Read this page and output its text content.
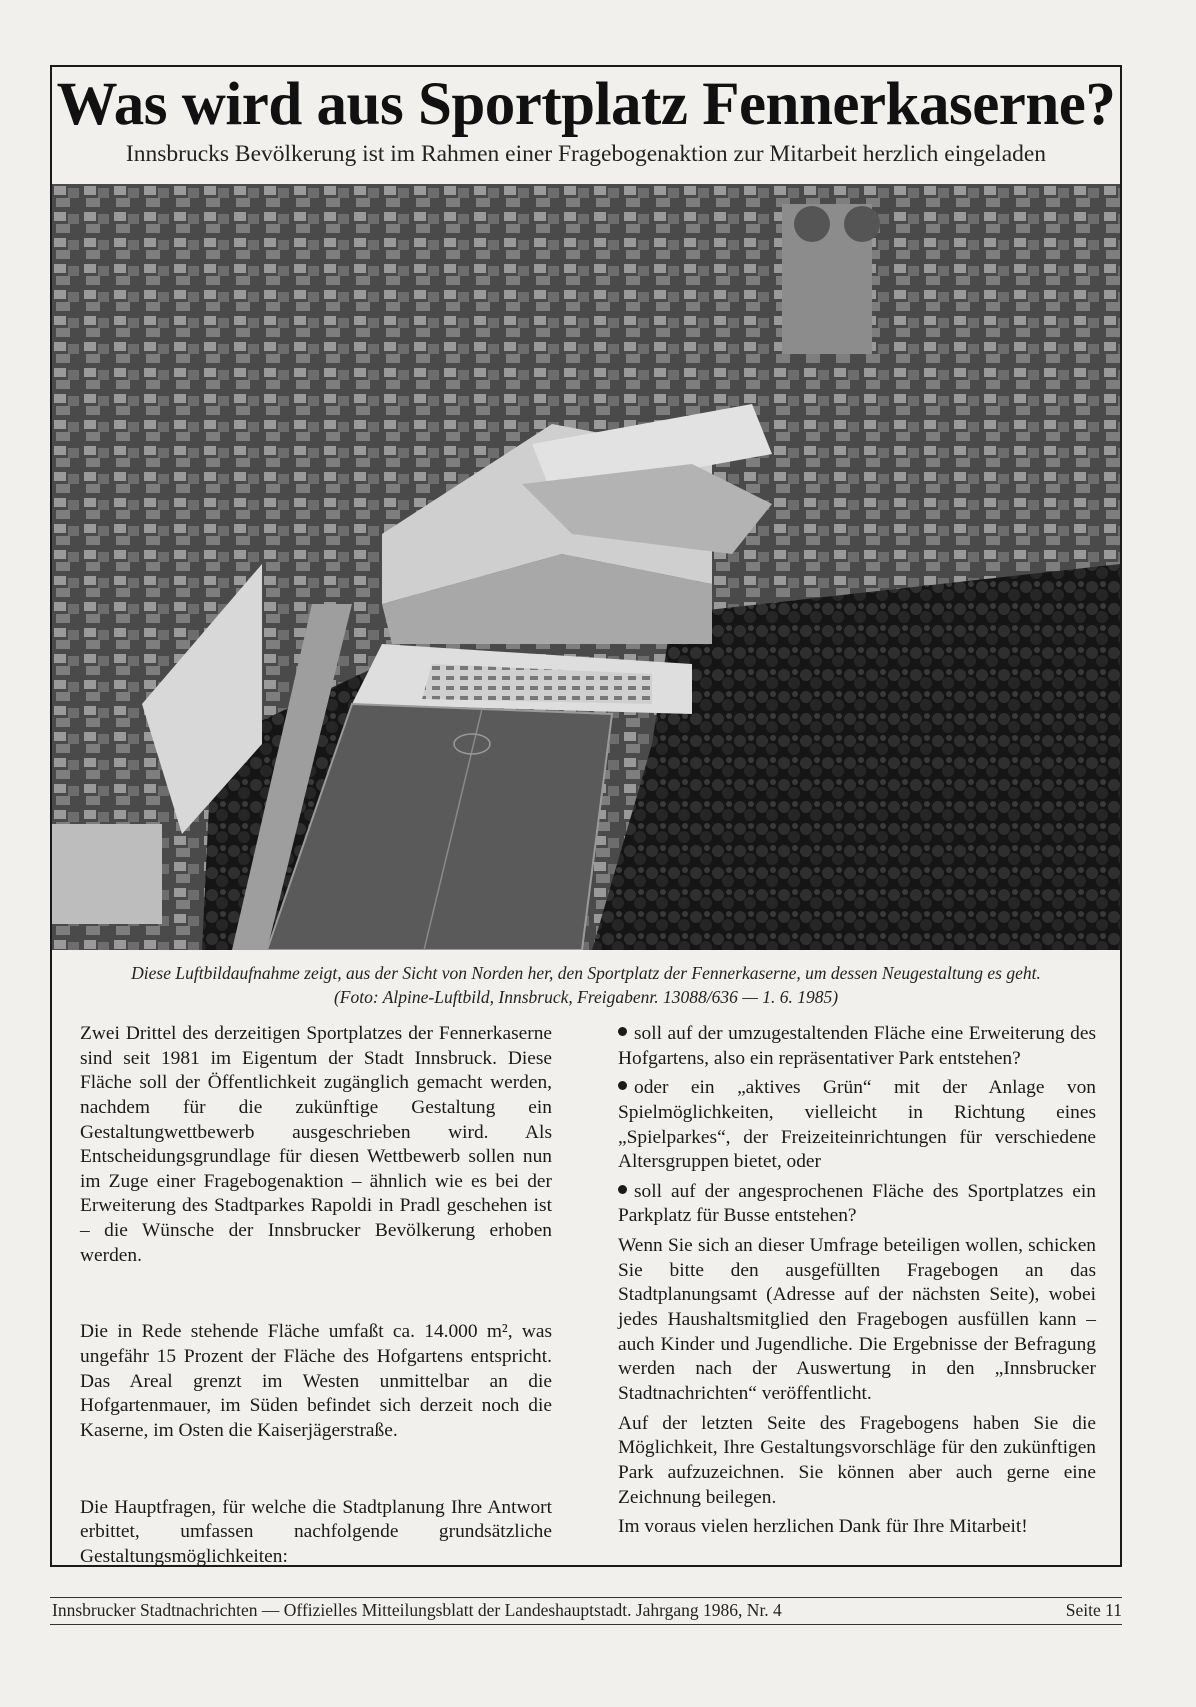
Was wird aus Sportplatz Fennerkaserne?
Innsbrucks Bevölkerung ist im Rahmen einer Fragebogenaktion zur Mitarbeit herzlich eingeladen
Diese Luftbildaufnahme zeigt, aus der Sicht von Norden her, den Sportplatz der Fennerkaserne, um dessen Neugestaltung es geht.
(Foto: Alpine-Luftbild, Innsbruck, Freigabenr. 13088/636 — 1. 6. 1985)

Zwei Drittel des derzeitigen Sportplatzes der Fennerkaserne sind seit 1981 im Eigentum der Stadt Innsbruck. Diese Fläche soll der Öffentlichkeit zugänglich gemacht werden, nachdem für die zukünftige Gestaltung ein Gestaltungwettbewerb ausgeschrieben wird. Als Entscheidungsgrundlage für diesen Wettbewerb sollen nun im Zuge einer Fragebogenaktion – ähnlich wie es bei der Erweiterung des Stadtparkes Rapoldi in Pradl geschehen ist – die Wünsche der Innsbrucker Bevölkerung erhoben werden.

Die in Rede stehende Fläche umfaßt ca. 14.000 m², was ungefähr 15 Prozent der Fläche des Hofgartens entspricht. Das Areal grenzt im Westen unmittelbar an die Hofgartenmauer, im Süden befindet sich derzeit noch die Kaserne, im Osten die Kaiserjägerstraße.

Die Hauptfragen, für welche die Stadtplanung Ihre Antwort erbittet, umfassen nachfolgende grundsätzliche Gestaltungsmöglichkeiten:

soll auf der umzugestaltenden Fläche eine Erweiterung des Hofgartens, also ein repräsentativer Park entstehen?

oder ein „aktives Grün“ mit der Anlage von Spielmöglichkeiten, vielleicht in Richtung eines „Spielparkes“, der Freizeiteinrichtungen für verschiedene Altersgruppen bietet, oder

soll auf der angesprochenen Fläche des Sportplatzes ein Parkplatz für Busse entstehen?

Wenn Sie sich an dieser Umfrage beteiligen wollen, schicken Sie bitte den ausgefüllten Fragebogen an das Stadtplanungsamt (Adresse auf der nächsten Seite), wobei jedes Haushaltsmitglied den Fragebogen ausfüllen kann – auch Kinder und Jugendliche. Die Ergebnisse der Befragung werden nach der Auswertung in den „Innsbrucker Stadtnachrichten“ veröffentlicht.

Auf der letzten Seite des Fragebogens haben Sie die Möglichkeit, Ihre Gestaltungsvorschläge für den zukünftigen Park aufzuzeichnen. Sie können aber auch gerne eine Zeichnung beilegen.

Im voraus vielen herzlichen Dank für Ihre Mitarbeit!

Innsbrucker Stadtnachrichten — Offizielles Mitteilungsblatt der Landeshauptstadt. Jahrgang 1986, Nr. 4	Seite 11
